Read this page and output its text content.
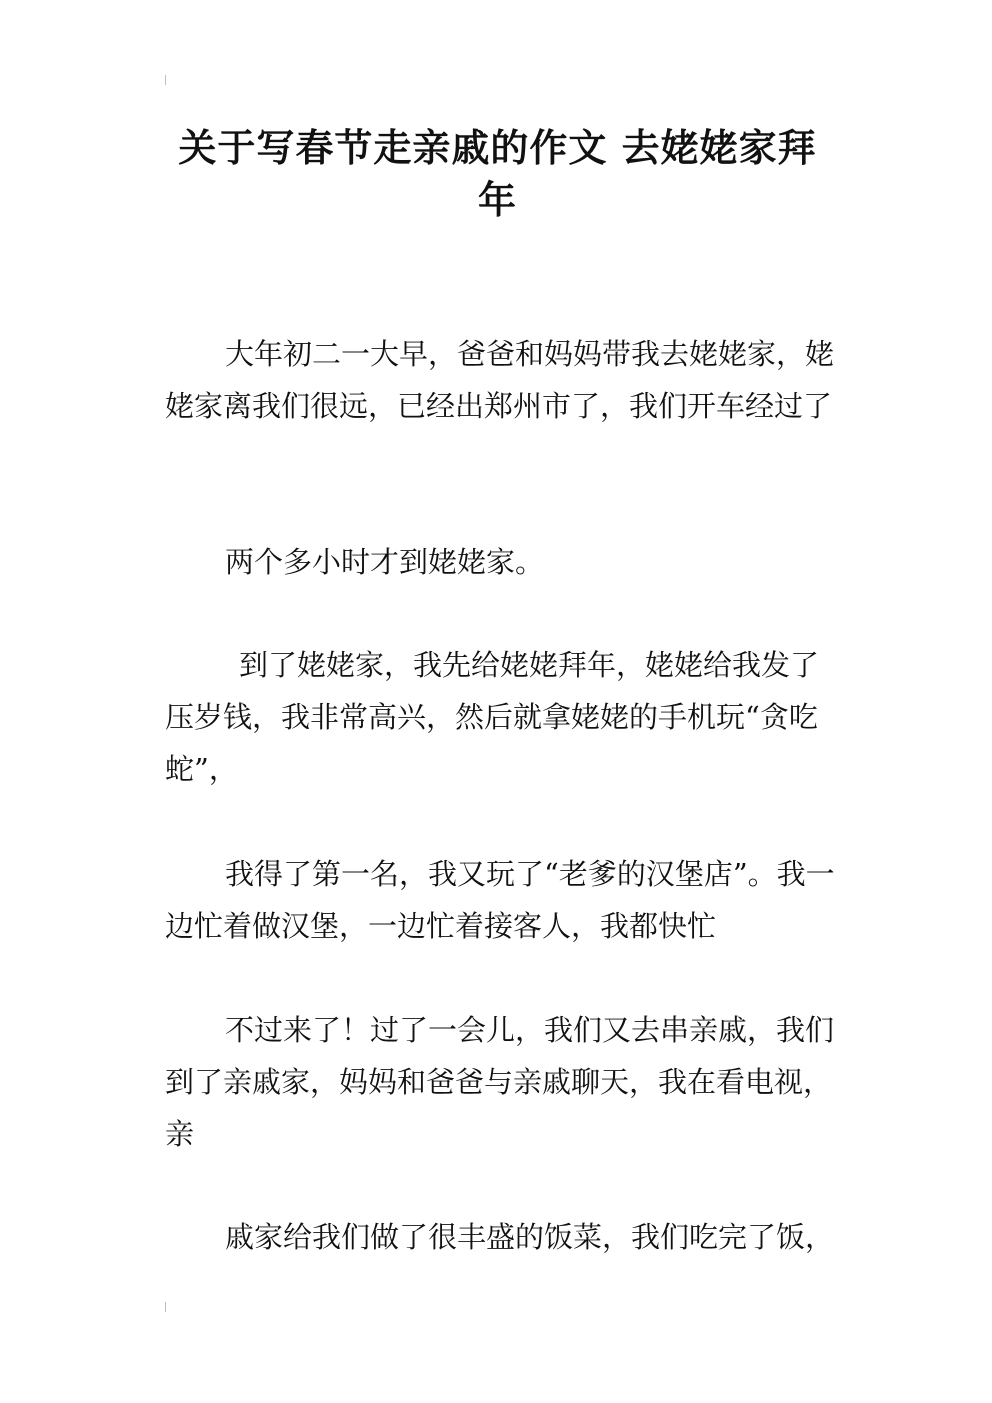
关于写春节走亲戚的作文 去姥姥家拜年

大年初二一大早，爸爸和妈妈带我去姥姥家，姥姥家离我们很远，已经出郑州市了，我们开车经过了

两个多小时才到姥姥家。

到了姥姥家，我先给姥姥拜年，姥姥给我发了压岁钱，我非常高兴，然后就拿姥姥的手机玩“贪吃蛇”，

我得了第一名，我又玩了“老爹的汉堡店”。我一边忙着做汉堡，一边忙着接客人，我都快忙

不过来了！过了一会儿，我们又去串亲戚，我们到了亲戚家，妈妈和爸爸与亲戚聊天，我在看电视，亲

戚家给我们做了很丰盛的饭菜，我们吃完了饭，
